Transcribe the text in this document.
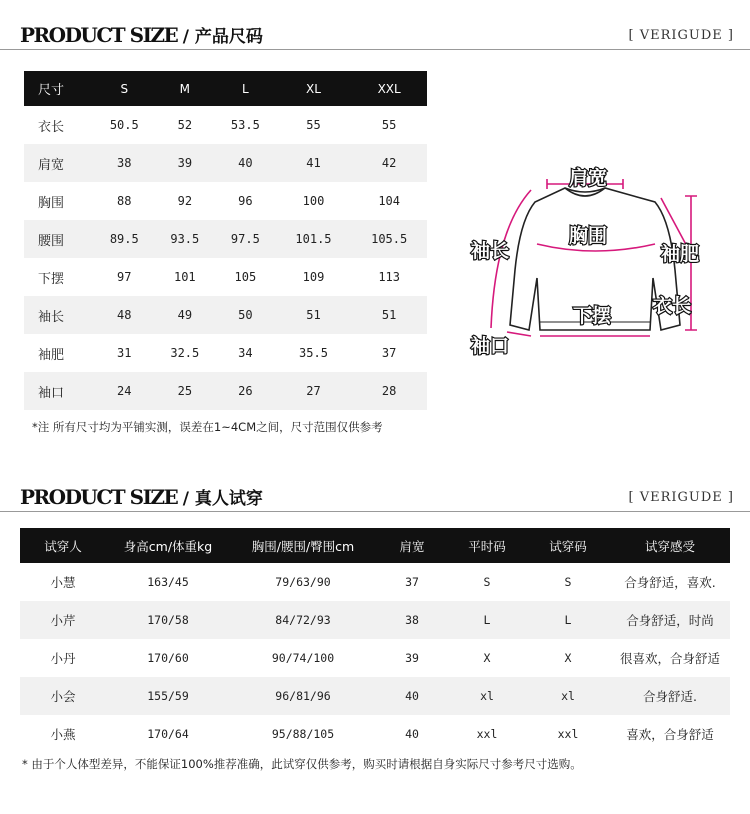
PRODUCT SIZE / 产品尺码	[ VERIGUDE ]
尺寸	S	M	L	XL	XXL
衣长	50.5	52	53.5	55	55
肩宽	38	39	40	41	42
胸围	88	92	96	100	104
腰围	89.5	93.5	97.5	101.5	105.5
下摆	97	101	105	109	113
袖长	48	49	50	51	51
袖肥	31	32.5	34	35.5	37
袖口	24	25	26	27	28
*注 所有尺寸均为平铺实测，误差在1~4CM之间，尺寸范围仅供参考
肩宽
胸围
袖长	袖肥
衣长
下摆
袖口
PRODUCT SIZE / 真人试穿	[ VERIGUDE ]
试穿人	身高cm/体重kg	胸围/腰围/臀围cm	肩宽	平时码	试穿码	试穿感受
小慧	163/45	79/63/90	37	S	S	合身舒适，喜欢.
小芹	170/58	84/72/93	38	L	L	合身舒适，时尚
小丹	170/60	90/74/100	39	X	X	很喜欢，合身舒适
小会	155/59	96/81/96	40	xl	xl	合身舒适.
小燕	170/64	95/88/105	40	xxl	xxl	喜欢，合身舒适
* 由于个人体型差异，不能保证100%推荐准确，此试穿仅供参考，购买时请根据自身实际尺寸参考尺寸选购。
